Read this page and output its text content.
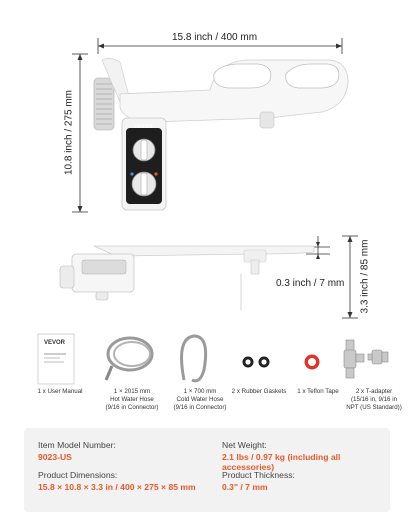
15.8 inch / 400 mm
10.8 inch / 275 mm
0.3 inch / 7 mm 3.3 inch / 85 mm
VEVOR
VEVOR
1 x User Manual	1 × 2015 mm
Hot Water Hose
(9/16 in Connector)
1 × 700 mm
Cold Water Hose
(9/16 in Connector)
2 x Rubber Gaskets	1 x Teflon Tape	2 x T-adapter
(15/16 in, 9/16 in
NPT (US Standard))
Item Model Number:
9023-US
Product Dimensions:
15.8 × 10.8 × 3.3 in / 400 × 275 × 85 mm
Net Weight:
2.1 lbs / 0.97 kg (including all accessories)
Product Thickness:
0.3" / 7 mm
